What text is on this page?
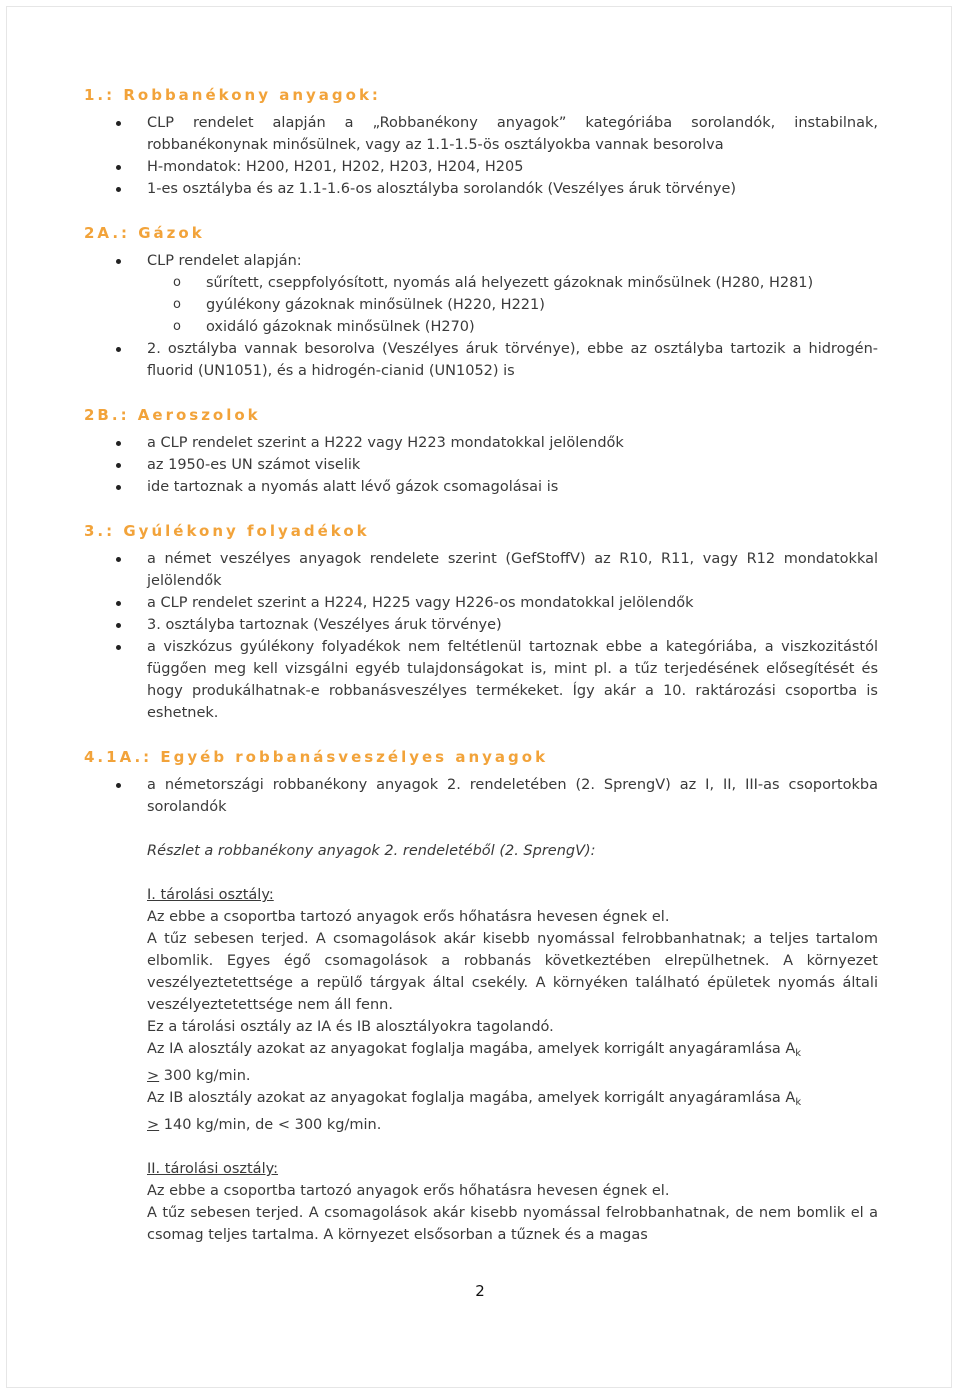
1.: Robbanékony anyagok:
CLP rendelet alapján a „Robbanékony anyagok” kategóriába sorolandók, instabilnak, robbanékonynak minősülnek, vagy az 1.1-1.5-ös osztályokba vannak besorolva
H-mondatok: H200, H201, H202, H203, H204, H205
1-es osztályba és az 1.1-1.6-os alosztályba sorolandók (Veszélyes áruk törvénye)
2A.: Gázok
CLP rendelet alapján:
o sűrített, cseppfolyósított, nyomás alá helyezett gázoknak minősülnek (H280, H281)
o gyúlékony gázoknak minősülnek (H220, H221)
o oxidáló gázoknak minősülnek (H270)
2. osztályba vannak besorolva (Veszélyes áruk törvénye), ebbe az osztályba tartozik a hidrogén-fluorid (UN1051), és a hidrogén-cianid (UN1052) is
2B.: Aeroszolok
a CLP rendelet szerint a H222 vagy H223 mondatokkal jelölendők
az 1950-es UN számot viselik
ide tartoznak a nyomás alatt lévő gázok csomagolásai is
3.: Gyúlékony folyadékok
a német veszélyes anyagok rendelete szerint (GefStoffV) az R10, R11, vagy R12 mondatokkal jelölendők
a CLP rendelet szerint a H224, H225 vagy H226-os mondatokkal jelölendők
3. osztályba tartoznak (Veszélyes áruk törvénye)
a viszkózus gyúlékony folyadékok nem feltétlenül tartoznak ebbe a kategóriába, a viszkozitástól függően meg kell vizsgálni egyéb tulajdonságokat is, mint pl. a tűz terjedésének elősegítését és hogy produkálhatnak-e robbanásveszélyes termékeket. Így akár a 10. raktározási csoportba is eshetnek.
4.1A.: Egyéb robbanásveszélyes anyagok
a németországi robbanékony anyagok 2. rendeletében (2. SprengV) az I, II, III-as csoportokba sorolandók
Részlet a robbanékony anyagok 2. rendeletéből (2. SprengV):
I. tárolási osztály:
Az ebbe a csoportba tartozó anyagok erős hőhatásra hevesen égnek el.
A tűz sebesen terjed. A csomagolások akár kisebb nyomással felrobbanhatnak; a teljes tartalom elbomlik. Egyes égő csomagolások a robbanás következtében elrepülhetnek. A környezet veszélyeztetettsége a repülő tárgyak által csekély. A környéken található épületek nyomás általi veszélyeztetettsége nem áll fenn.
Ez a tárolási osztály az IA és IB alosztályokra tagolandó.
Az IA alosztály azokat az anyagokat foglalja magába, amelyek korrigált anyagáramlása $A_k$
≥ 300 kg/min.
Az IB alosztály azokat az anyagokat foglalja magába, amelyek korrigált anyagáramlása $A_k$
≥ 140 kg/min, de < 300 kg/min.
II. tárolási osztály:
Az ebbe a csoportba tartozó anyagok erős hőhatásra hevesen égnek el.
A tűz sebesen terjed. A csomagolások akár kisebb nyomással felrobbanhatnak, de nem bomlik el a csomag teljes tartalma. A környezet elsősorban a tűznek és a magas
2
